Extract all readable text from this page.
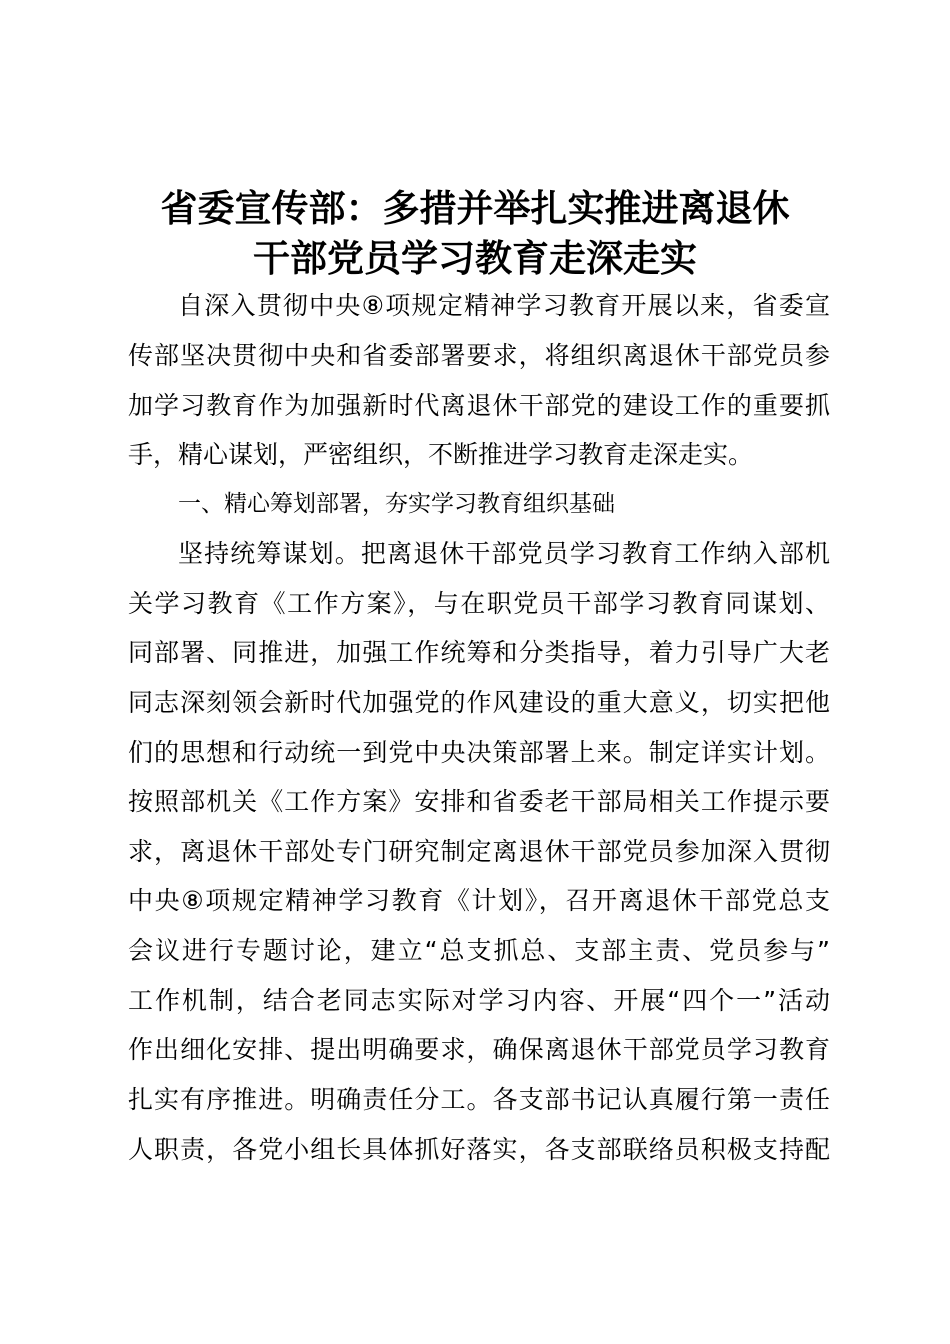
省委宣传部：多措并举扎实推进离退休
干部党员学习教育走深走实

自深入贯彻中央⑧项规定精神学习教育开展以来，省委宣

传部坚决贯彻中央和省委部署要求，将组织离退休干部党员参

加学习教育作为加强新时代离退休干部党的建设工作的重要抓

手，精心谋划，严密组织，不断推进学习教育走深走实。

一、精心筹划部署，夯实学习教育组织基础

坚持统筹谋划。把离退休干部党员学习教育工作纳入部机

关学习教育《工作方案》，与在职党员干部学习教育同谋划、

同部署、同推进，加强工作统筹和分类指导，着力引导广大老

同志深刻领会新时代加强党的作风建设的重大意义，切实把他

们的思想和行动统一到党中央决策部署上来。制定详实计划。

按照部机关《工作方案》安排和省委老干部局相关工作提示要

求，离退休干部处专门研究制定离退休干部党员参加深入贯彻

中央⑧项规定精神学习教育《计划》，召开离退休干部党总支

会议进行专题讨论，建立“总支抓总、支部主责、党员参与”

工作机制，结合老同志实际对学习内容、开展“四个一”活动

作出细化安排、提出明确要求，确保离退休干部党员学习教育

扎实有序推进。明确责任分工。各支部书记认真履行第一责任

人职责，各党小组长具体抓好落实，各支部联络员积极支持配
